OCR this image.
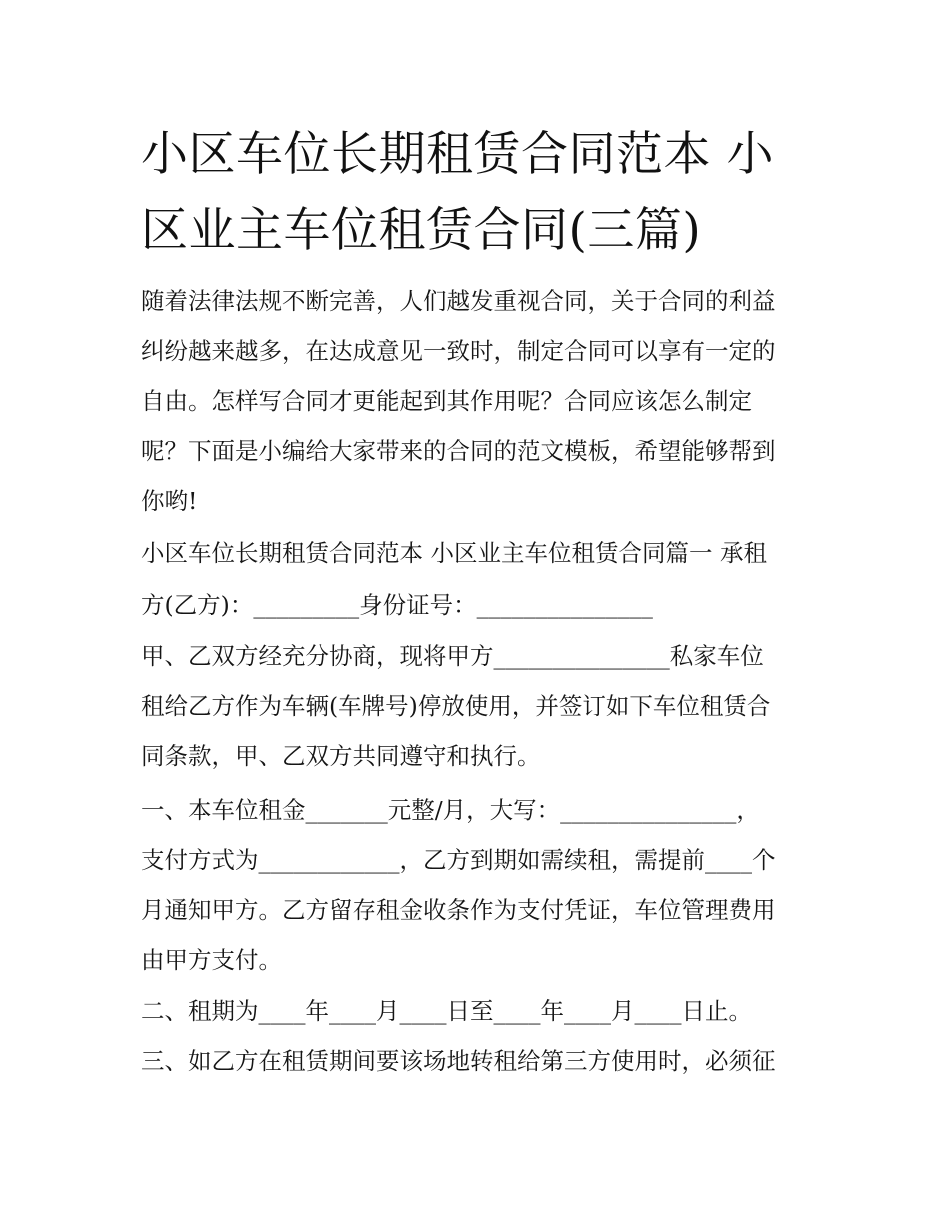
小区车位长期租赁合同范本 小区业主车位租赁合同(三篇)

随着法律法规不断完善，人们越发重视合同，关于合同的利益

纠纷越来越多，在达成意见一致时，制定合同可以享有一定的

自由。怎样写合同才更能起到其作用呢？合同应该怎么制定

呢？下面是小编给大家带来的合同的范文模板，希望能够帮到

你哟!

小区车位长期租赁合同范本 小区业主车位租赁合同篇一 承租

方(乙方)：_________身份证号：_______________

甲、乙双方经充分协商，现将甲方_______________私家车位

租给乙方作为车辆(车牌号)停放使用，并签订如下车位租赁合

同条款，甲、乙双方共同遵守和执行。

一、本车位租金_______元整/月，大写：_______________，

支付方式为____________，乙方到期如需续租，需提前____个

月通知甲方。乙方留存租金收条作为支付凭证，车位管理费用

由甲方支付。

二、租期为____年____月____日至____年____月____日止。

三、如乙方在租赁期间要该场地转租给第三方使用时，必须征
